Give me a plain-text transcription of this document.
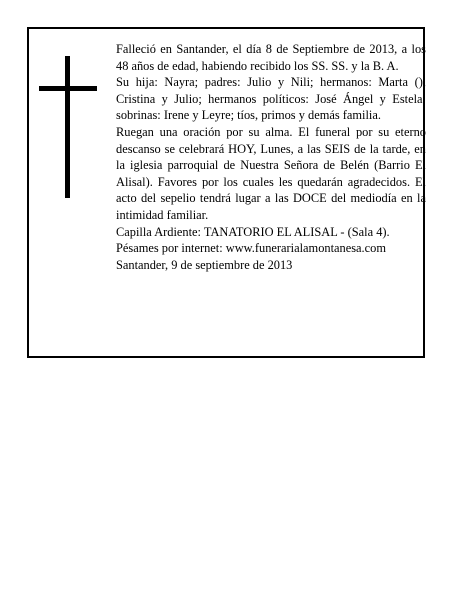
Falleció en Santander, el día 8 de Septiembre de 2013, a los 48 años de edad, habiendo recibido los SS. SS. y la B. A.

Su hija: Nayra; padres: Julio y Nili; hermanos: Marta (), Cristina y Julio; hermanos políticos: José Ángel y Estela; sobrinas: Irene y Leyre; tíos, primos y demás familia.

Ruegan una oración por su alma. El funeral por su eterno descanso se celebrará HOY, Lunes, a las SEIS de la tarde, en la iglesia parroquial de Nuestra Señora de Belén (Barrio El Alisal). Favores por los cuales les quedarán agradecidos. El acto del sepelio tendrá lugar a las DOCE del mediodía en la intimidad familiar.

Capilla Ardiente: TANATORIO EL ALISAL - (Sala 4).

Pésames por internet: www.funerarialamontanesa.com

Santander, 9 de septiembre de 2013
